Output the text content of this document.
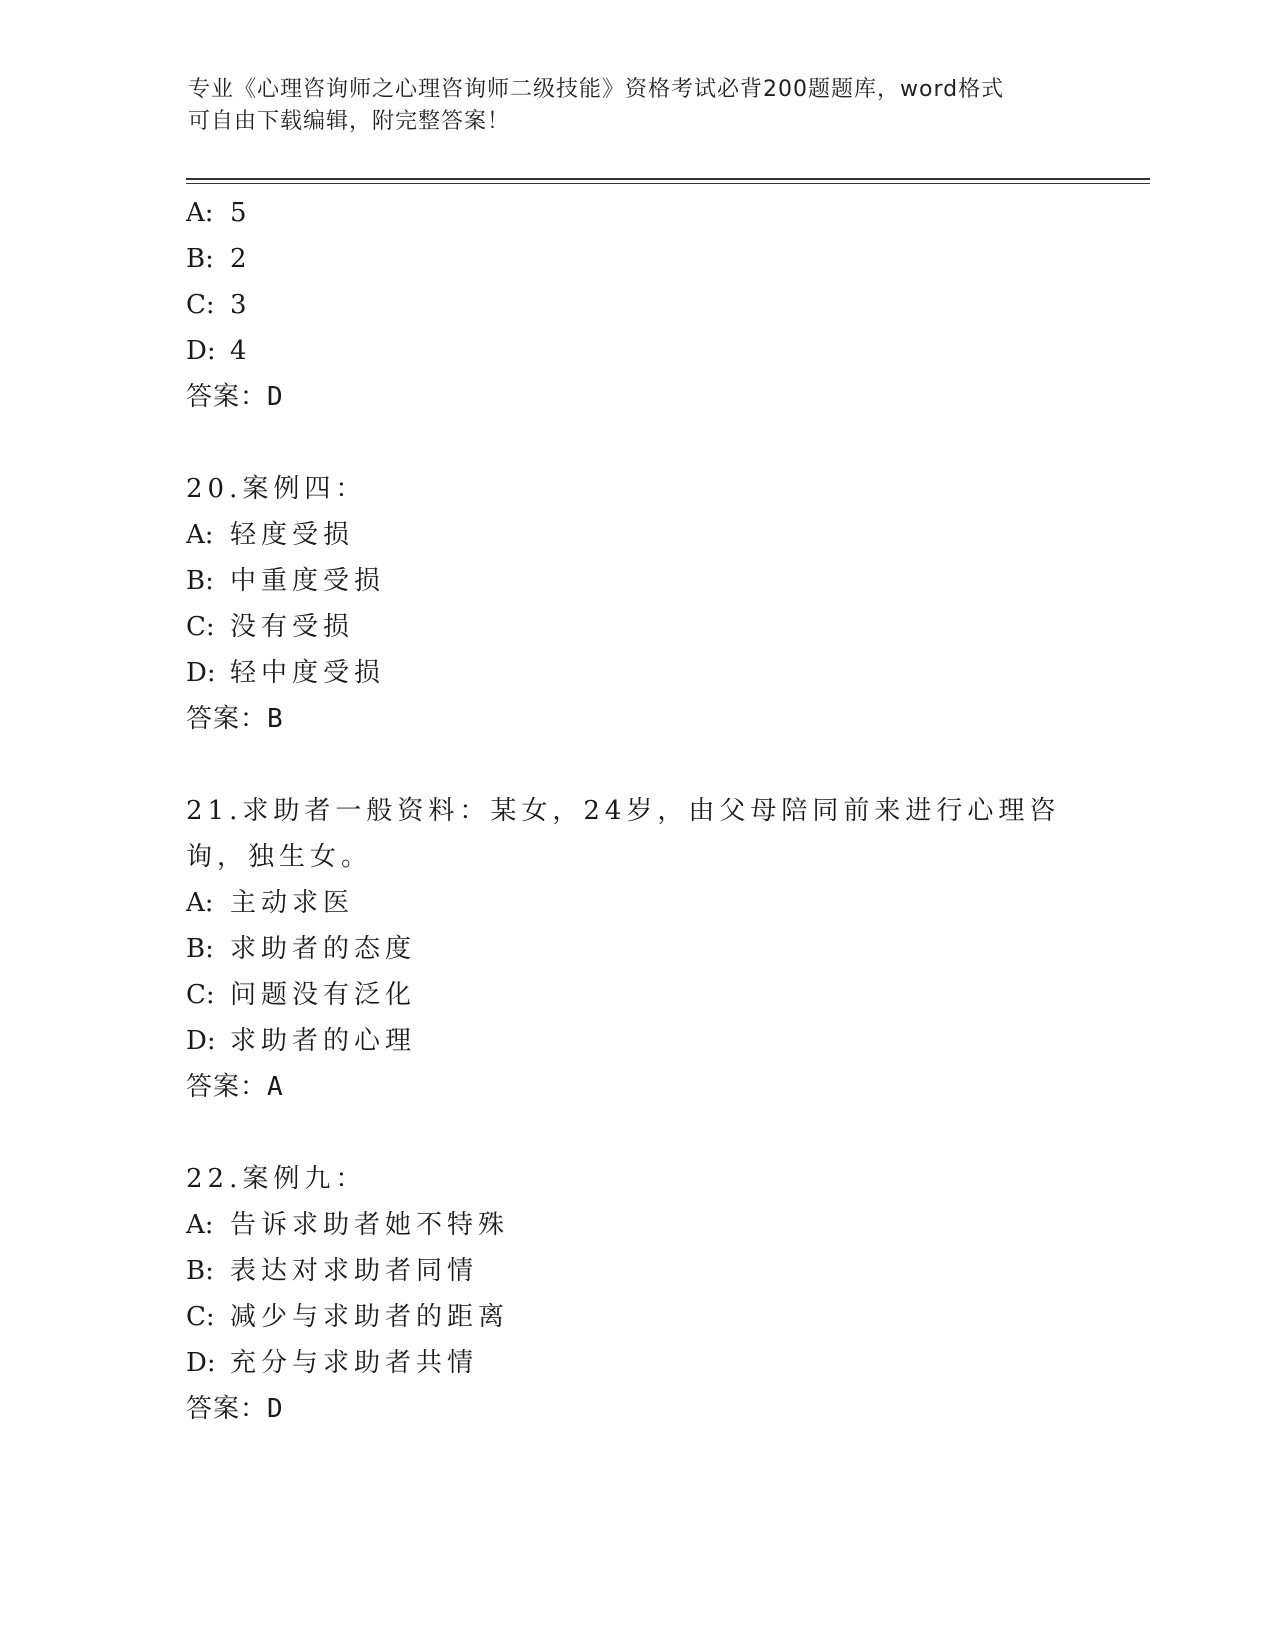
专业《心理咨询师之心理咨询师二级技能》资格考试必背200题题库，word格式
可自由下载编辑，附完整答案！
A: 5
B: 2
C: 3
D: 4
答案：D
20.案例四：
A: 轻度受损
B: 中重度受损
C: 没有受损
D: 轻中度受损
答案：B
21.求助者一般资料：某女，24岁，由父母陪同前来进行心理咨询，独生女。
A: 主动求医
B: 求助者的态度
C: 问题没有泛化
D: 求助者的心理
答案：A
22.案例九：
A: 告诉求助者她不特殊
B: 表达对求助者同情
C: 减少与求助者的距离
D: 充分与求助者共情
答案：D
